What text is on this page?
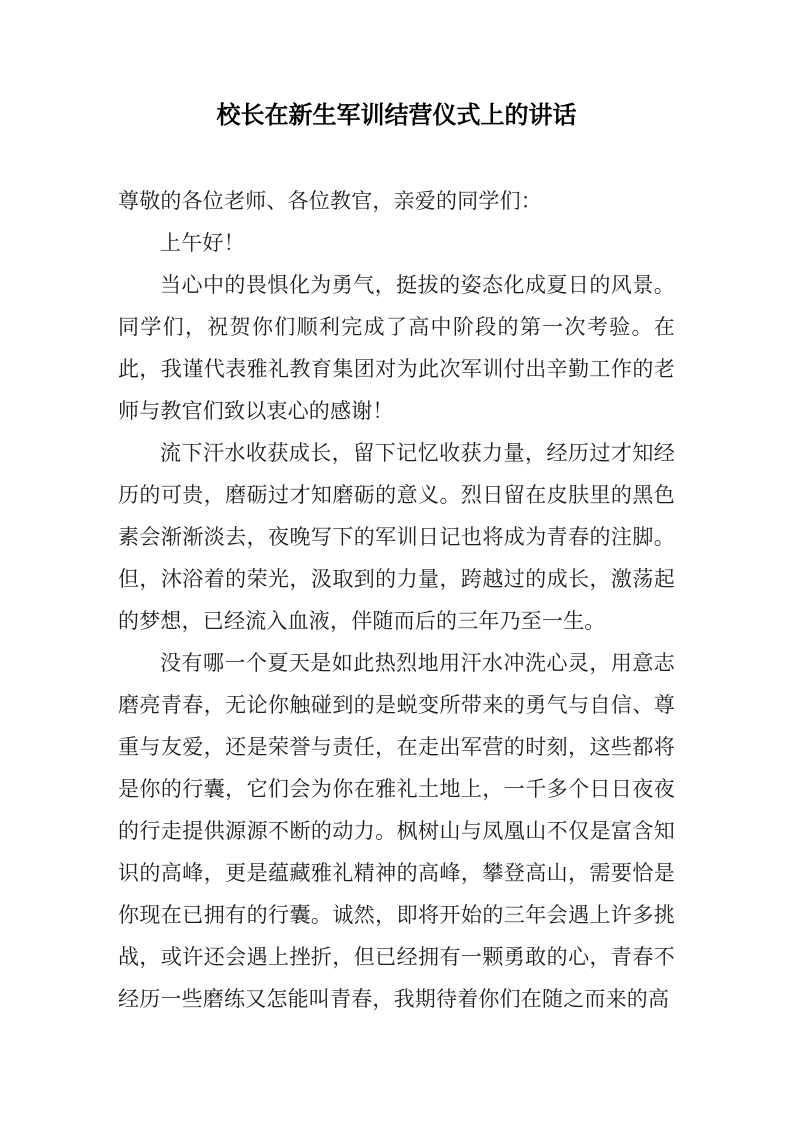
校长在新生军训结营仪式上的讲话

尊敬的各位老师、各位教官，亲爱的同学们：

上午好！

当心中的畏惧化为勇气，挺拔的姿态化成夏日的风景。同学们，祝贺你们顺利完成了高中阶段的第一次考验。在此，我谨代表雅礼教育集团对为此次军训付出辛勤工作的老师与教官们致以衷心的感谢！

流下汗水收获成长，留下记忆收获力量，经历过才知经历的可贵，磨砺过才知磨砺的意义。烈日留在皮肤里的黑色素会渐渐淡去，夜晚写下的军训日记也将成为青春的注脚。但，沐浴着的荣光，汲取到的力量，跨越过的成长，激荡起的梦想，已经流入血液，伴随而后的三年乃至一生。

没有哪一个夏天是如此热烈地用汗水冲洗心灵，用意志磨亮青春，无论你触碰到的是蜕变所带来的勇气与自信、尊重与友爱，还是荣誉与责任，在走出军营的时刻，这些都将是你的行囊，它们会为你在雅礼土地上，一千多个日日夜夜的行走提供源源不断的动力。枫树山与凤凰山不仅是富含知识的高峰，更是蕴藏雅礼精神的高峰，攀登高山，需要恰是你现在已拥有的行囊。诚然，即将开始的三年会遇上许多挑战，或许还会遇上挫折，但已经拥有一颗勇敢的心，青春不经历一些磨练又怎能叫青春，我期待着你们在随之而来的高
